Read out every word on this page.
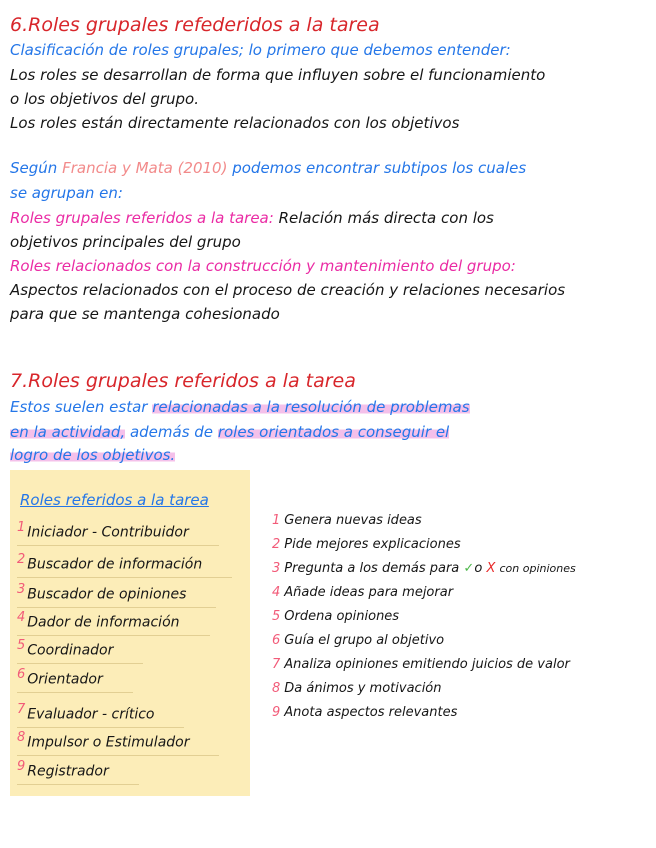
6.Roles grupales refederidos a la tarea
Clasificación de roles grupales; lo primero que debemos entender:
Los roles se desarrollan de forma que influyen sobre el funcionamiento
o los objetivos del grupo.
Los roles están directamente relacionados con los objetivos
Según Francia y Mata (2010) podemos encontrar subtipos los cuales
se agrupan en:
Roles grupales referidos a la tarea: Relación más directa con los
objetivos principales del grupo
Roles relacionados con la construcción y mantenimiento del grupo:
Aspectos relacionados con el proceso de creación y relaciones necesarios
para que se mantenga cohesionado
7.Roles grupales referidos a la tarea
Estos suelen estar relacionadas a la resolución de problemas
en la actividad, además de roles orientados a conseguir el
logro de los objetivos.
Roles referidos a la tarea
1 Iniciador - Contribuidor
2 Buscador de información
3 Buscador de opiniones
4 Dador de información
5 Coordinador
6 Orientador
7 Evaluador - crítico
8 Impulsor o Estimulador
9 Registrador
1 Genera nuevas ideas
2 Pide mejores explicaciones
3 Pregunta a los demás para ✓o X con opiniones
4 Añade ideas para mejorar
5 Ordena opiniones
6 Guía el grupo al objetivo
7 Analiza opiniones emitiendo juicios de valor
8 Da ánimos y motivación
9 Anota aspectos relevantes
